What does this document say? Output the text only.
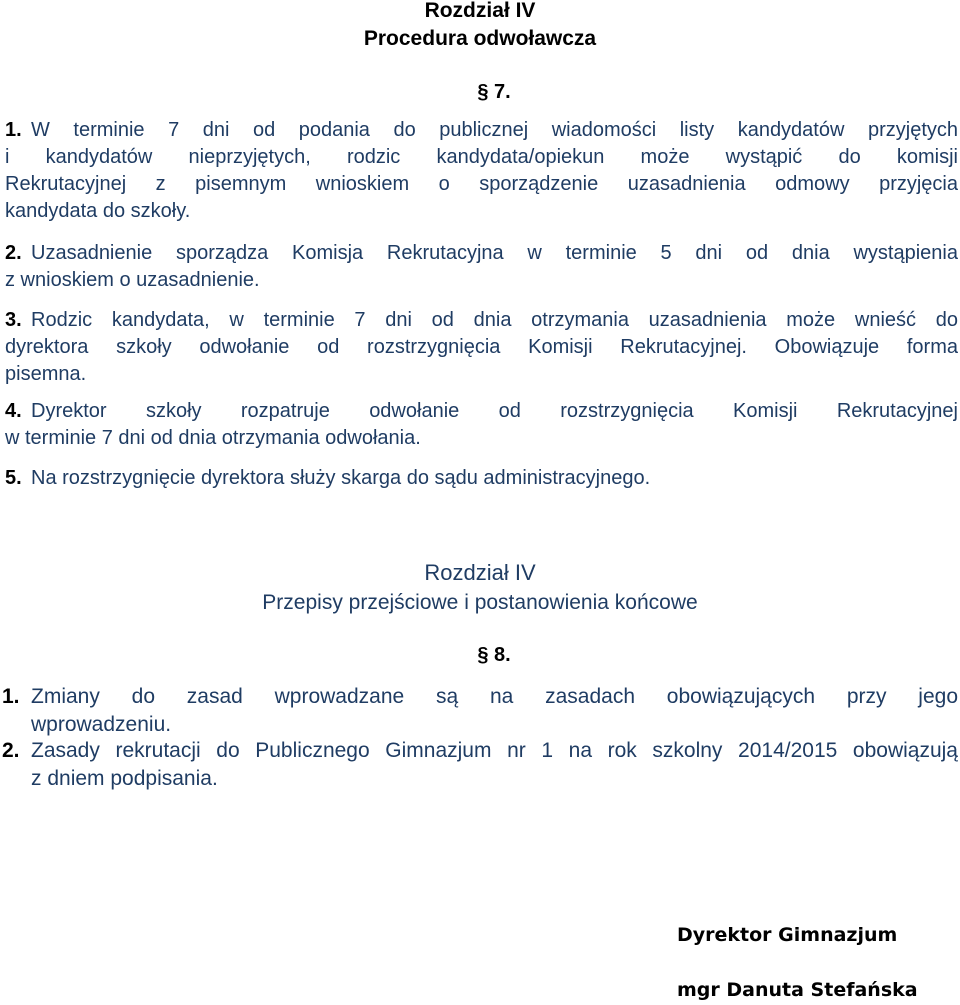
Rozdział IV
Procedura odwoławcza
§ 7.
1. W terminie 7 dni od podania do publicznej wiadomości listy kandydatów przyjętych
i kandydatów nieprzyjętych, rodzic kandydata/opiekun może wystąpić do komisji
Rekrutacyjnej z pisemnym wnioskiem o sporządzenie uzasadnienia odmowy przyjęcia
kandydata do szkoły.
2. Uzasadnienie sporządza Komisja Rekrutacyjna w terminie 5 dni od dnia wystąpienia
z wnioskiem o uzasadnienie.
3. Rodzic kandydata, w terminie 7 dni od dnia otrzymania uzasadnienia może wnieść do
dyrektora szkoły odwołanie od rozstrzygnięcia Komisji Rekrutacyjnej. Obowiązuje forma
pisemna.
4. Dyrektor szkoły rozpatruje odwołanie od rozstrzygnięcia Komisji Rekrutacyjnej
w terminie 7 dni od dnia otrzymania odwołania.
5. Na rozstrzygnięcie dyrektora służy skarga do sądu administracyjnego.
Rozdział IV
Przepisy przejściowe i postanowienia końcowe
§ 8.
1. Zmiany do zasad wprowadzane są na zasadach obowiązujących przy jego
wprowadzeniu.
2. Zasady rekrutacji do Publicznego Gimnazjum nr 1 na rok szkolny 2014/2015 obowiązują
z dniem podpisania.
Dyrektor Gimnazjum
mgr Danuta Stefańska
